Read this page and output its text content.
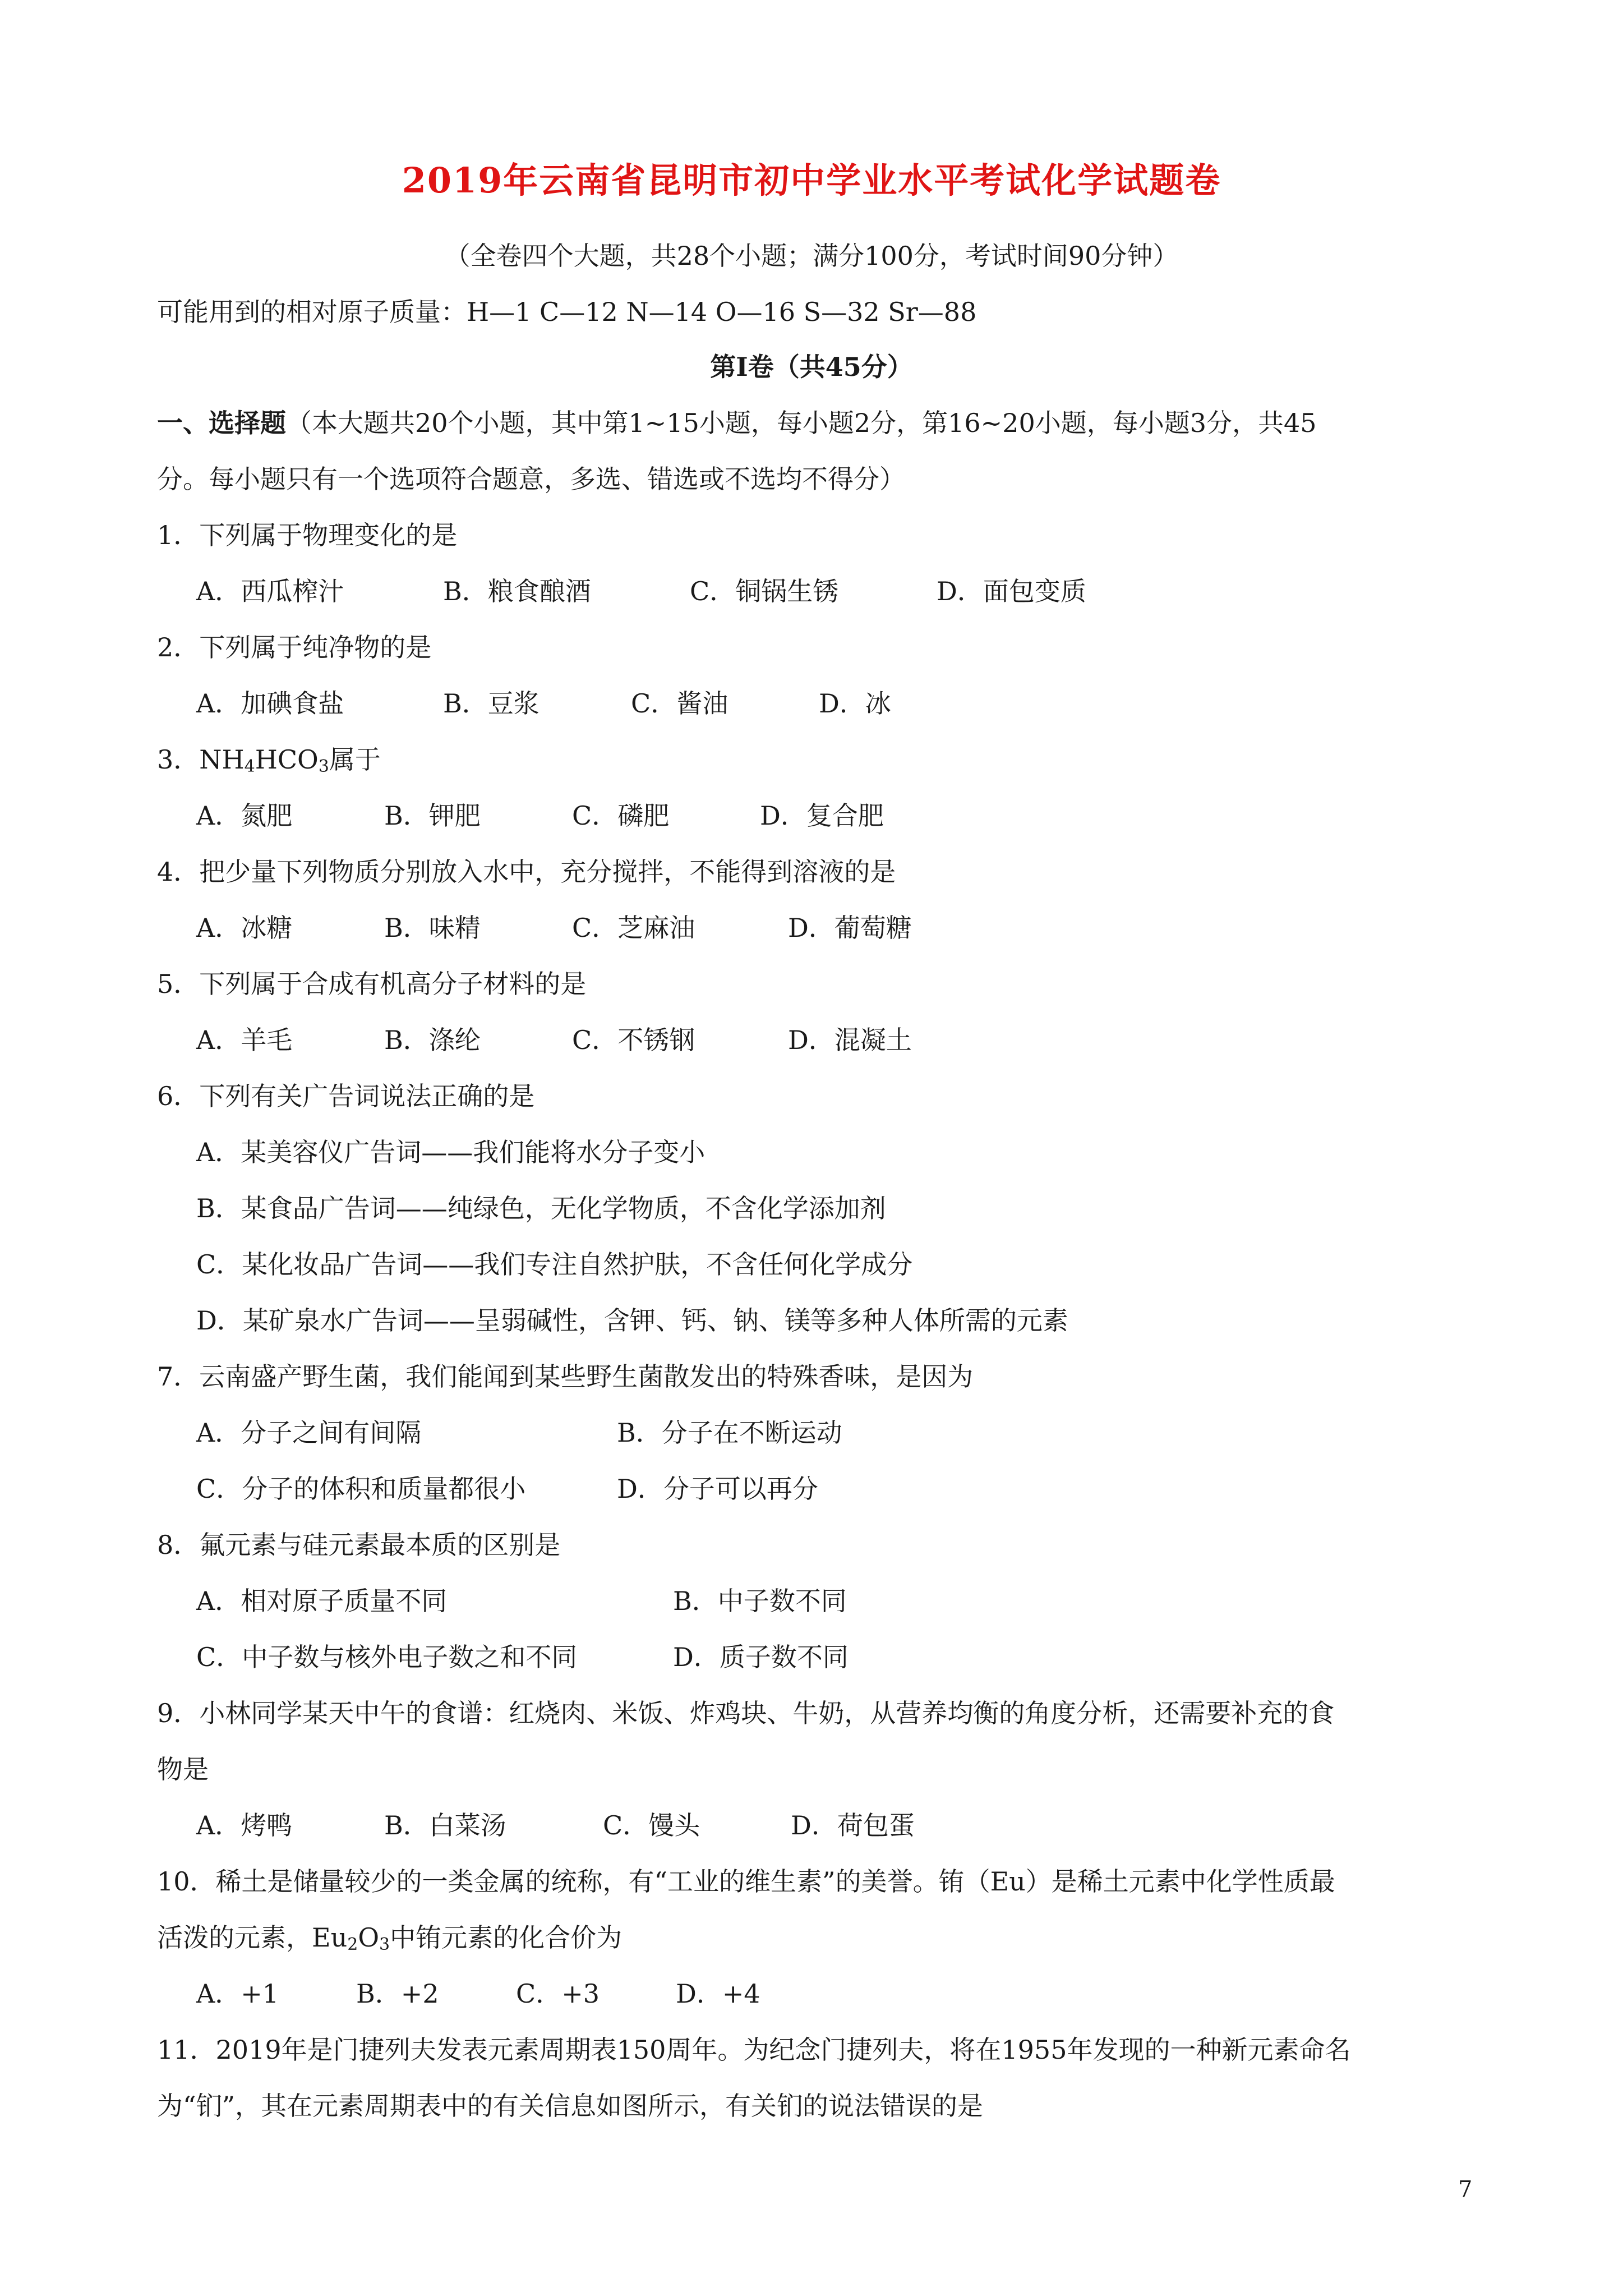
2019年云南省昆明市初中学业水平考试化学试题卷
（全卷四个大题，共28个小题；满分100分，考试时间90分钟）
可能用到的相对原子质量：H—1 C—12 N—14 O—16 S—32 Sr—88
第Ⅰ卷（共45分）
一、选择题（本大题共20个小题，其中第1~15小题，每小题2分，第16~20小题，每小题3分，共45
分。每小题只有一个选项符合题意，多选、错选或不选均不得分）
1．下列属于物理变化的是
A．西瓜榨汁	B．粮食酿酒	C．铜锅生锈	D．面包变质
2．下列属于纯净物的是
A．加碘食盐	B．豆浆	C．酱油	D．冰
3．$NH_4HCO_3$属于
A．氮肥	B．钾肥	C．磷肥	D．复合肥
4．把少量下列物质分别放入水中，充分搅拌，不能得到溶液的是
A．冰糖	B．味精	C．芝麻油	D．葡萄糖
5．下列属于合成有机高分子材料的是
A．羊毛	B．涤纶	C．不锈钢	D．混凝土
6．下列有关广告词说法正确的是
A．某美容仪广告词——我们能将水分子变小
B．某食品广告词——纯绿色，无化学物质，不含化学添加剂
C．某化妆品广告词——我们专注自然护肤，不含任何化学成分
D．某矿泉水广告词——呈弱碱性，含钾、钙、钠、镁等多种人体所需的元素
7．云南盛产野生菌，我们能闻到某些野生菌散发出的特殊香味，是因为
A．分子之间有间隔	B．分子在不断运动
C．分子的体积和质量都很小	D．分子可以再分
8．氟元素与硅元素最本质的区别是
A．相对原子质量不同	B．中子数不同
C．中子数与核外电子数之和不同	D．质子数不同
9．小林同学某天中午的食谱：红烧肉、米饭、炸鸡块、牛奶，从营养均衡的角度分析，还需要补充的食
物是
A．烤鸭	B．白菜汤	C．馒头	D．荷包蛋
10．稀土是储量较少的一类金属的统称，有“工业的维生素”的美誉。铕（Eu）是稀土元素中化学性质最
活泼的元素，$Eu_2O_3$中铕元素的化合价为
A．+1	B．+2	C．+3	D．+4
11．2019年是门捷列夫发表元素周期表150周年。为纪念门捷列夫，将在1955年发现的一种新元素命名
为“钔”，其在元素周期表中的有关信息如图所示，有关钔的说法错误的是
7
